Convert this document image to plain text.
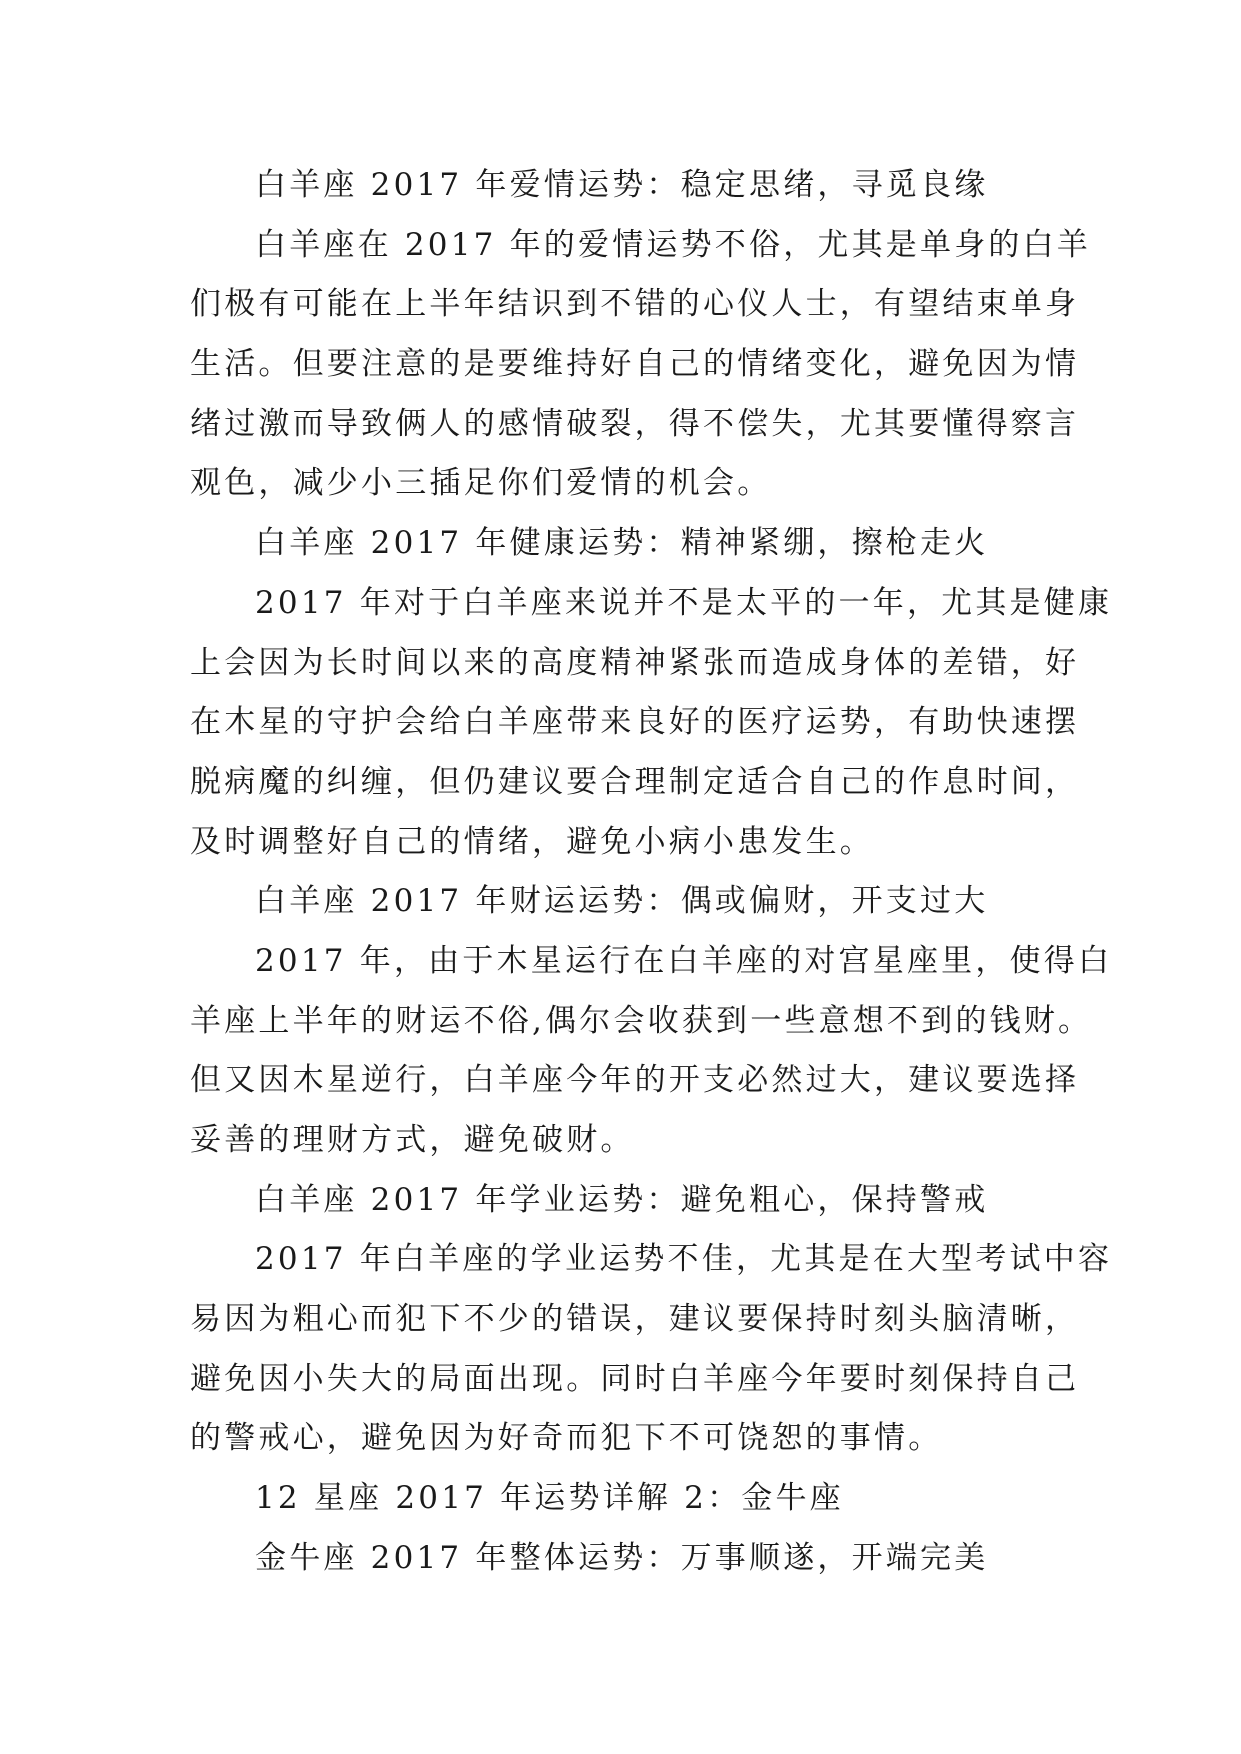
白羊座 2017 年爱情运势：稳定思绪，寻觅良缘
白羊座在 2017 年的爱情运势不俗，尤其是单身的白羊
们极有可能在上半年结识到不错的心仪人士，有望结束单身
生活。但要注意的是要维持好自己的情绪变化，避免因为情
绪过激而导致俩人的感情破裂，得不偿失，尤其要懂得察言
观色，减少小三插足你们爱情的机会。
白羊座 2017 年健康运势：精神紧绷，擦枪走火
2017 年对于白羊座来说并不是太平的一年，尤其是健康
上会因为长时间以来的高度精神紧张而造成身体的差错，好
在木星的守护会给白羊座带来良好的医疗运势，有助快速摆
脱病魔的纠缠，但仍建议要合理制定适合自己的作息时间，
及时调整好自己的情绪，避免小病小患发生。
白羊座 2017 年财运运势：偶或偏财，开支过大
2017 年，由于木星运行在白羊座的对宫星座里，使得白
羊座上半年的财运不俗,偶尔会收获到一些意想不到的钱财。
但又因木星逆行，白羊座今年的开支必然过大，建议要选择
妥善的理财方式，避免破财。
白羊座 2017 年学业运势：避免粗心，保持警戒
2017 年白羊座的学业运势不佳，尤其是在大型考试中容
易因为粗心而犯下不少的错误，建议要保持时刻头脑清晰，
避免因小失大的局面出现。同时白羊座今年要时刻保持自己
的警戒心，避免因为好奇而犯下不可饶恕的事情。
12 星座 2017 年运势详解 2：金牛座
金牛座 2017 年整体运势：万事顺遂，开端完美
